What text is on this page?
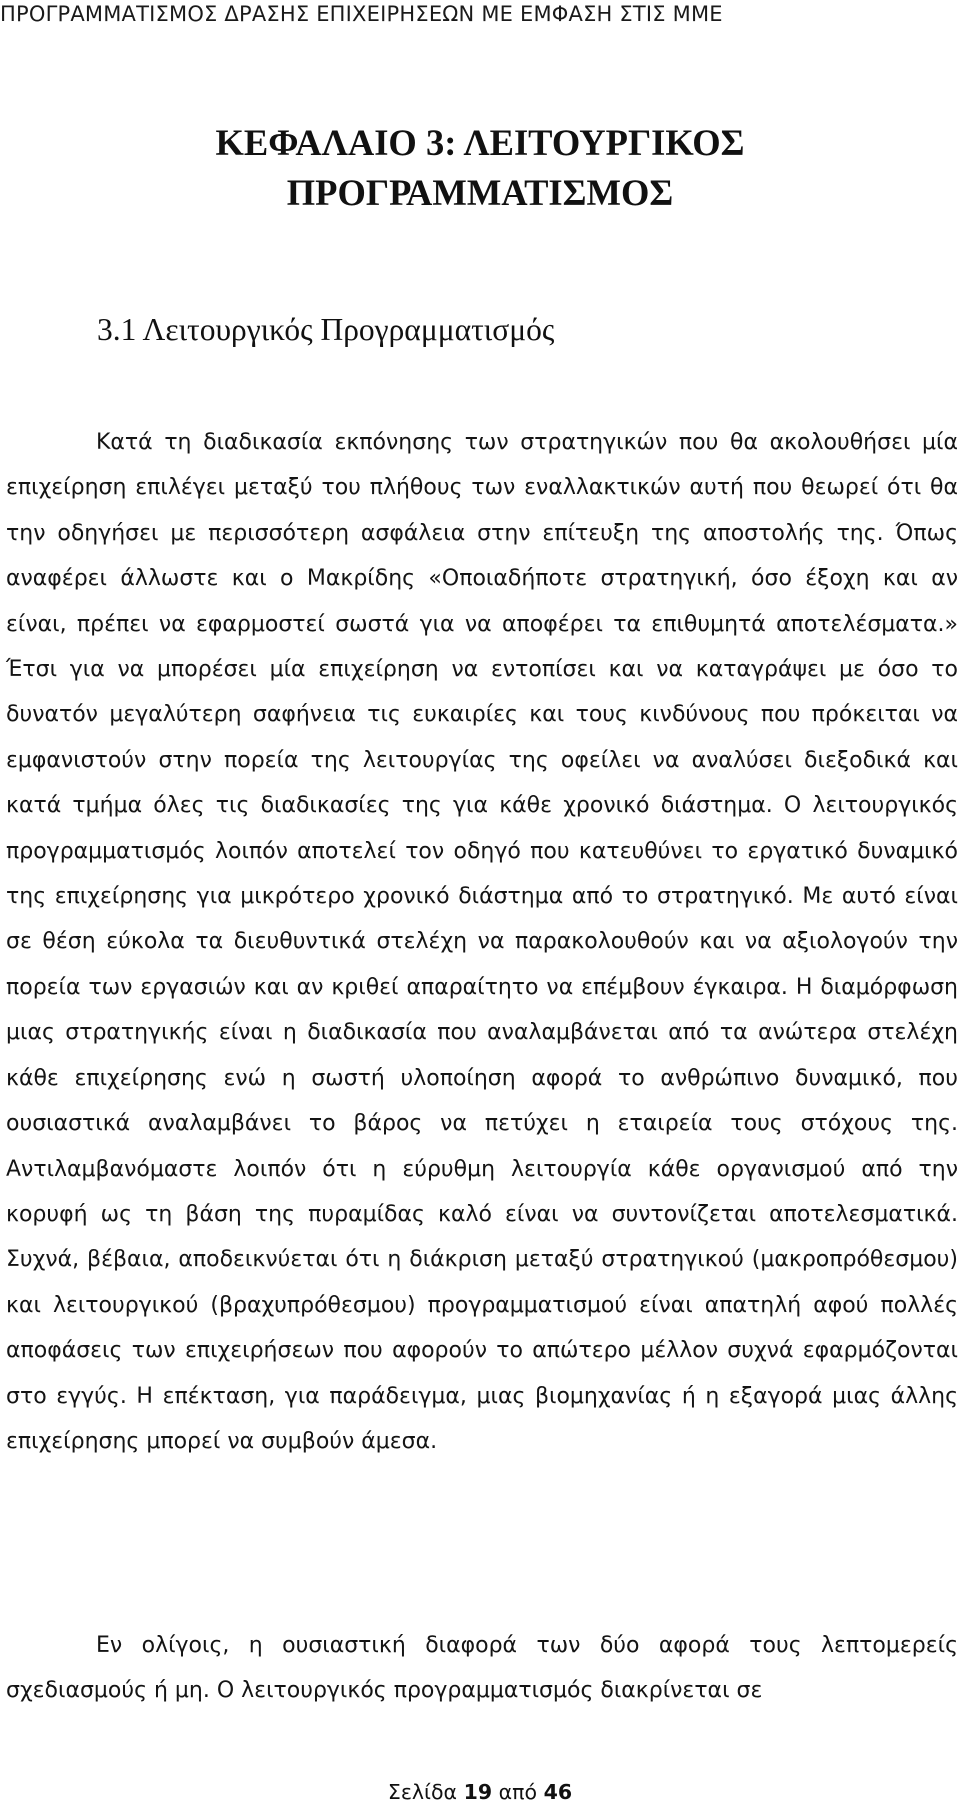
ΠΡΟΓΡΑΜΜΑΤΙΣΜΟΣ ΔΡΑΣΗΣ ΕΠΙΧΕΙΡΗΣΕΩΝ ΜΕ ΕΜΦΑΣΗ ΣΤΙΣ ΜΜΕ
ΚΕΦΑΛΑΙΟ 3: ΛΕΙΤΟΥΡΓΙΚΟΣ
ΠΡΟΓΡΑΜΜΑΤΙΣΜΟΣ
3.1 Λειτουργικός Προγραμματισμός

Κατά τη διαδικασία εκπόνησης των στρατηγικών που θα ακολουθήσει μία επιχείρηση επιλέγει μεταξύ του πλήθους των εναλλακτικών αυτή που θεωρεί ότι θα την οδηγήσει με περισσότερη ασφάλεια στην επίτευξη της αποστολής της. Όπως αναφέρει άλλωστε και ο Μακρίδης «Οποιαδήποτε στρατηγική, όσο έξοχη και αν είναι, πρέπει να εφαρμοστεί σωστά για να αποφέρει τα επιθυμητά αποτελέσματα.» Έτσι για να μπορέσει μία επιχείρηση να εντοπίσει και να καταγράψει με όσο το δυνατόν μεγαλύτερη σαφήνεια τις ευκαιρίες και τους κινδύνους που πρόκειται να εμφανιστούν στην πορεία της λειτουργίας της οφείλει να αναλύσει διεξοδικά και κατά τμήμα όλες τις διαδικασίες της για κάθε χρονικό διάστημα. Ο λειτουργικός προγραμματισμός λοιπόν αποτελεί τον οδηγό που κατευθύνει το εργατικό δυναμικό της επιχείρησης για μικρότερο χρονικό διάστημα από το στρατηγικό. Με αυτό είναι σε θέση εύκολα τα διευθυντικά στελέχη να παρακολουθούν και να αξιολογούν την πορεία των εργασιών και αν κριθεί απαραίτητο να επέμβουν έγκαιρα. Η διαμόρφωση μιας στρατηγικής είναι η διαδικασία που αναλαμβάνεται από τα ανώτερα στελέχη κάθε επιχείρησης ενώ η σωστή υλοποίηση αφορά το ανθρώπινο δυναμικό, που ουσιαστικά αναλαμβάνει το βάρος να πετύχει η εταιρεία τους στόχους της. Αντιλαμβανόμαστε λοιπόν ότι η εύρυθμη λειτουργία κάθε οργανισμού από την κορυφή ως τη βάση της πυραμίδας καλό είναι να συντονίζεται αποτελεσματικά. Συχνά, βέβαια, αποδεικνύεται ότι η διάκριση μεταξύ στρατηγικού (μακροπρόθεσμου) και λειτουργικού (βραχυπρόθεσμου) προγραμματισμού είναι απατηλή αφού πολλές αποφάσεις των επιχειρήσεων που αφορούν το απώτερο μέλλον συχνά εφαρμόζονται στο εγγύς. Η επέκταση, για παράδειγμα, μιας βιομηχανίας ή η εξαγορά μιας άλλης επιχείρησης μπορεί να συμβούν άμεσα.

Εν ολίγοις, η ουσιαστική διαφορά των δύο αφορά τους λεπτομερείς σχεδιασμούς ή μη. Ο λειτουργικός προγραμματισμός διακρίνεται σε

Σελίδα 19 από 46
